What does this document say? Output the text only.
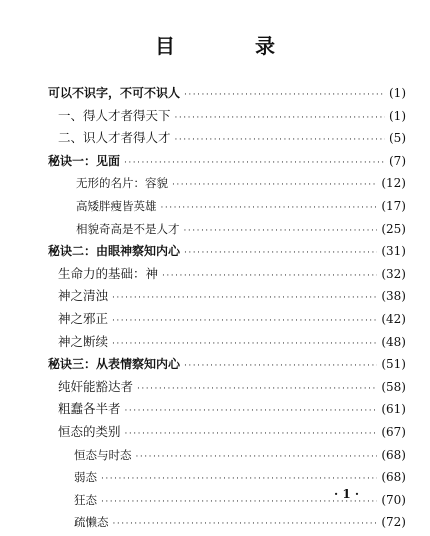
目　录
可以不识字，不可不识人 ·····	(1)
一、得人才者得天下 ·····	(1)
二、识人才者得人才 ·····	(5)
秘诀一：见面 ·····	(7)
无形的名片：容貌 ·····	(12)
高矮胖瘦皆英雄 ·····	(17)
相貌奇高是不是人才 ·····	(25)
秘诀二：由眼神察知内心 ·····	(31)
生命力的基础：神 ·····	(32)
神之清浊 ·····	(38)
神之邪正 ·····	(42)
神之断续 ·····	(48)
秘诀三：从表情察知内心 ·····	(51)
纯奸能豁达者 ·····	(58)
粗蠢各半者 ·····	(61)
恒态的类别 ·····	(67)
恒态与时态 ·····	(68)
弱态 ·····	(68)
狂态 ·····	(70)
疏懒态 ·····	(72)
· 1 ·
